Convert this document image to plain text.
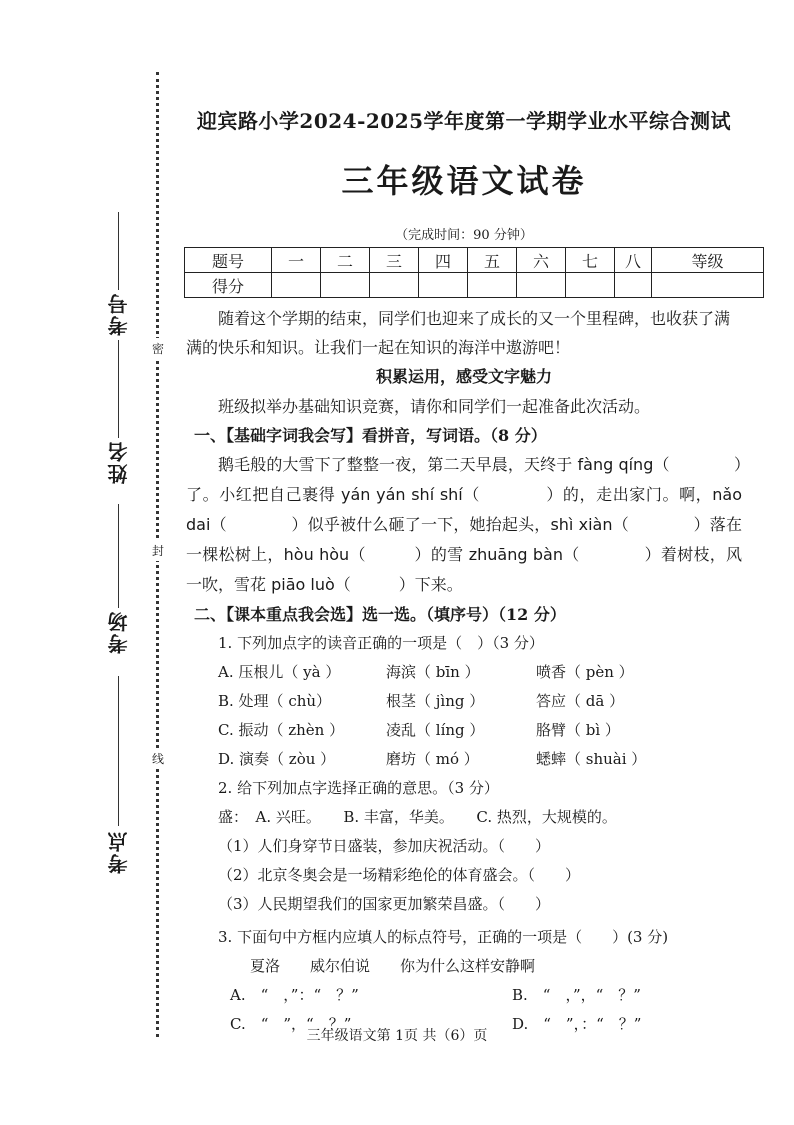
密
封
线
考号
姓名
考场
考点
迎宾路小学2024-2025学年度第一学期学业水平综合测试
三年级语文试卷
（完成时间：90 分钟）
题号	一	二	三	四	五	六	七	八	等级
得分									

随着这个学期的结束，同学们也迎来了成长的又一个里程碑，也收获了满满的快乐和知识。让我们一起在知识的海洋中遨游吧！

积累运用，感受文字魅力

班级拟举办基础知识竞赛，请你和同学们一起准备此次活动。

一、【基础字词我会写】看拼音，写词语。（8 分）

鹅毛般的大雪下了整整一夜，第二天早晨，天终于 fàng qíng（　　　　）了。小红把自己裹得 yán yán shí shí（　　　　）的，走出家门。啊，nǎo dai（　　　　）似乎被什么砸了一下，她抬起头，shì xiàn（　　　　）落在一棵松树上，hòu hòu（　　　）的雪 zhuāng bàn（　　　　）着树枝，风一吹，雪花 piāo luò（　　　）下来。

二、【课本重点我会选】选一选。（填序号）（12 分）

1. 下列加点字的读音正确的一项是（　）（3 分）

A. 压根儿（ yà ）	海滨（ bīn ）	喷香（ pèn ）
B. 处理（ chù）	根茎（ jìng ）	答应（ dā ）
C. 振动（ zhèn ）	凌乱（ líng ）	胳臂（ bì ）
D. 演奏（ zòu ）	磨坊（ mó ）	蟋蟀（ shuài ）

2. 给下列加点字选择正确的意思。（3 分）

盛：　A. 兴旺。　　B. 丰富，华美。　　C. 热烈，大规模的。

（1）人们身穿节日盛装，参加庆祝活动。（　　）

（2）北京冬奥会是一场精彩绝伦的体育盛会。（　　）

（3）人民期望我们的国家更加繁荣昌盛。（　　）

3. 下面句中方框内应填人的标点符号，正确的一项是（　　）(3 分)

夏洛　　威尔伯说　　你为什么这样安静啊

A.　“　，”：“　？”	B.　“　，”，“　？”
C.　“　”，“　？”	D.　“　”，：“　？”
三年级语文第 1页 共（6）页
